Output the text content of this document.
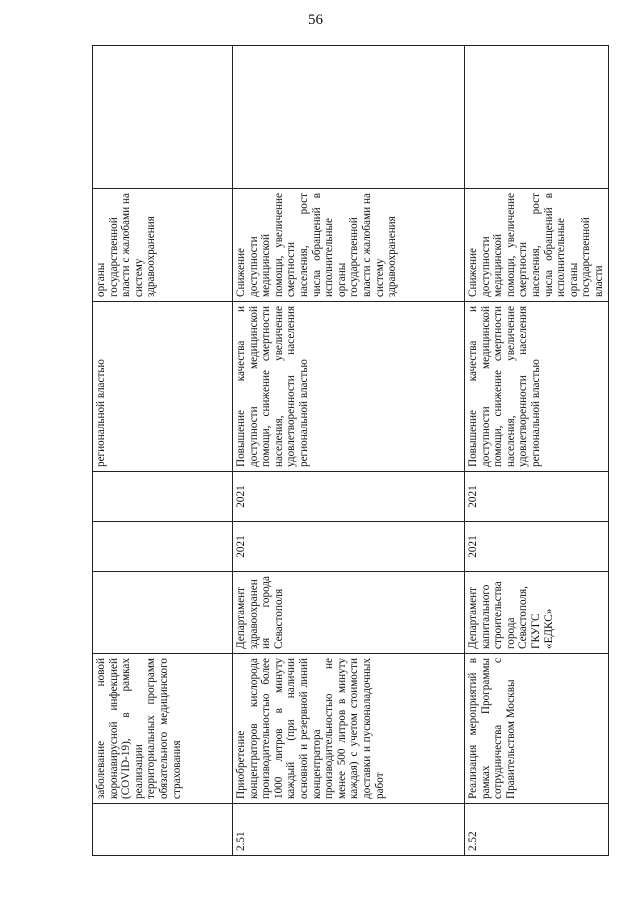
56
	заболевание новой коронавирусной инфекцией (COVID-19), в рамках реализации территориальных программ обязательного медицинского страхования				региональной властью	органы государственной власти с жалобами на систему здравоохранения	
2.51	Приобретение концентраторов кислорода производительностью более 1000 литров в минуту каждый (при наличии основной и резервной линий концентратора производительностью не менее 500 литров в минуту каждая) с учетом стоимости доставки и пусконаладочных работ	Департамент здравоохранения города Севастополя	2021	2021	Повышение качества и доступности медицинской помощи, снижение смертности населения, увеличение удовлетворенности населения региональной властью	Снижение доступности медицинской помощи, увеличение смертности населения, рост числа обращений в исполнительные органы государственной власти с жалобами на систему здравоохранения	
2.52	Реализация мероприятий в рамках Программы сотрудничества с Правительством Москвы	Департамент капитального строительства города Севастополя, ГКУГС «ЕДКС»	2021	2021	Повышение качества и доступности медицинской помощи, снижение смертности населения, увеличение удовлетворенности населения региональной властью	Снижение доступности медицинской помощи, увеличение смертности населения, рост числа обращений в исполнительные органы государственной власти	
